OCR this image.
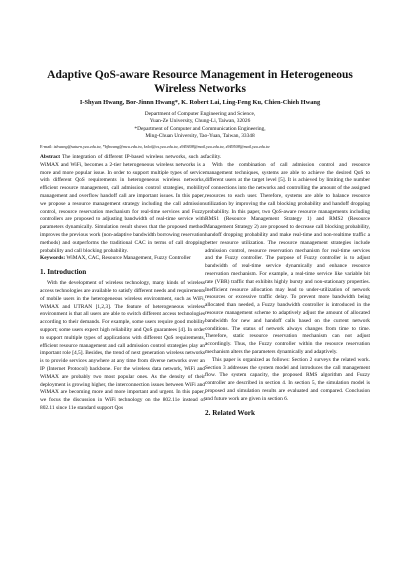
Adaptive QoS-aware Resource Management in Heterogeneous Wireless Networks
I-Shyan Hwang, Bor-Jinnn Hwang*, K. Robert Lai, Ling-Feng Ku, Chien-Chieh Hwang
Department of Computer Engineering and Science,
Yuan-Ze University, Chung-Li, Taiwan, 32026
*Department of Computer and Communication Engineering,
Ming-Chuan University, Tao-Yuan, Taiwan, 33348
E-mail: ishwang@saturn.yzu.edu.tw, *bjhwang@mcu.edu.tw, krlai@cs.yzu.edu.tw, s949408@mail.yzu.edu.tw, s949508@mail.yzu.edu.tw

Abstract The integration of different IP-based wireless networks, such as WiMAX and WiFi, becomes a 2-tier heterogeneous wireless networks is a more and more popular issue. In order to support multiple types of service with different QoS requirements in heterogeneous wireless networks, efficient resource management, call admission control strategies, mobility management and overflow handoff call are important issues. In this paper, we propose a resource management strategy including the call admission control, resource reservation mechanism for real-time services and Fuzzy controllers are proposed to adjusting bandwidth of real-time service with parameters dynamically. Simulation result shows that the proposed method improves the previous work (non-adaptive bandwidth borrowing reservation methods) and outperforms the traditional CAC in terms of call dropping probability and call blocking probability.

Keywords: WiMAX, CAC, Resource Management, Fuzzy Controller

1. Introduction

With the development of wireless technology, many kinds of wireless access technologies are available to satisfy different needs and requirements of mobile users in the heterogeneous wireless environment, such as WiFi, WiMAX and UTRAN [1,2,3]. The feature of heterogeneous wireless environment is that all users are able to switch different access technologies according to their demands. For example, some users require good mobility support; some users expect high reliability and QoS guarantees [4]. In order to support multiple types of applications with different QoS requirements, efficient resource management and call admission control strategies play an important role [4,5]. Besides, the trend of next generation wireless networks is to provide services anywhere at any time from diverse networks over an IP (Internet Protocol) backbone. For the wireless data network, WiFi and WiMAX are probably two most popular ones. As the density of their deployment is growing higher, the interconnection issues between WiFi and WiMAX are becoming more and more important and urgent. In this paper, we focus the discussion in WiFi technology on the 802.11e instead of 802.11 since 11e standard support Qos

facility.

With the combination of call admission control and resource management techniques, systems are able to achieve the desired QoS to different users at the target level [5]. It is achieved by limiting the number of connections into the networks and controlling the amount of the assigned resources to each user. Therefore, systems are able to balance resource utilization by improving the call blocking probability and handoff dropping probability. In this paper, two QoS-aware resource managements including RMS1 (Resource Management Strategy 1) and RMS2 (Resource Management Strategy 2) are proposed to decrease call blocking probability, handoff dropping probability and make real-time and non-realtime traffic a better resource utilization. The resource management strategies include admission control, resource reservation mechanism for real-time services and the Fuzzy controller. The purpose of Fuzzy controller is to adjust bandwidth of real-time service dynamically and enhance resource reservation mechanism. For example, a real-time service like variable bit rate (VBR) traffic that exhibits highly bursty and non-stationary properties. Inefficient resource allocation may lead to under-utilization of network resources or excessive traffic delay. To prevent more bandwidth being allocated than needed, a Fuzzy bandwidth controller is introduced in the resource management scheme to adaptively adjust the amount of allocated bandwidth for new and handoff calls based on the current network conditions. The status of network always changes from time to time. Therefore, static resource reservation mechanism can not adjust accordingly. Thus, the Fuzzy controller within the resource reservation mechanism alters the parameters dynamically and adaptively.

This paper is organized as follows: Section 2 surveys the related work. Section 3 addresses the system model and introduces the call management flow. The system capacity, the proposed RMS algorithm and Fuzzy controller are described in section 4. In section 5, the simulation model is proposed and simulation results are evaluated and compared. Conclusion and future work are given in section 6.

2. Related Work
